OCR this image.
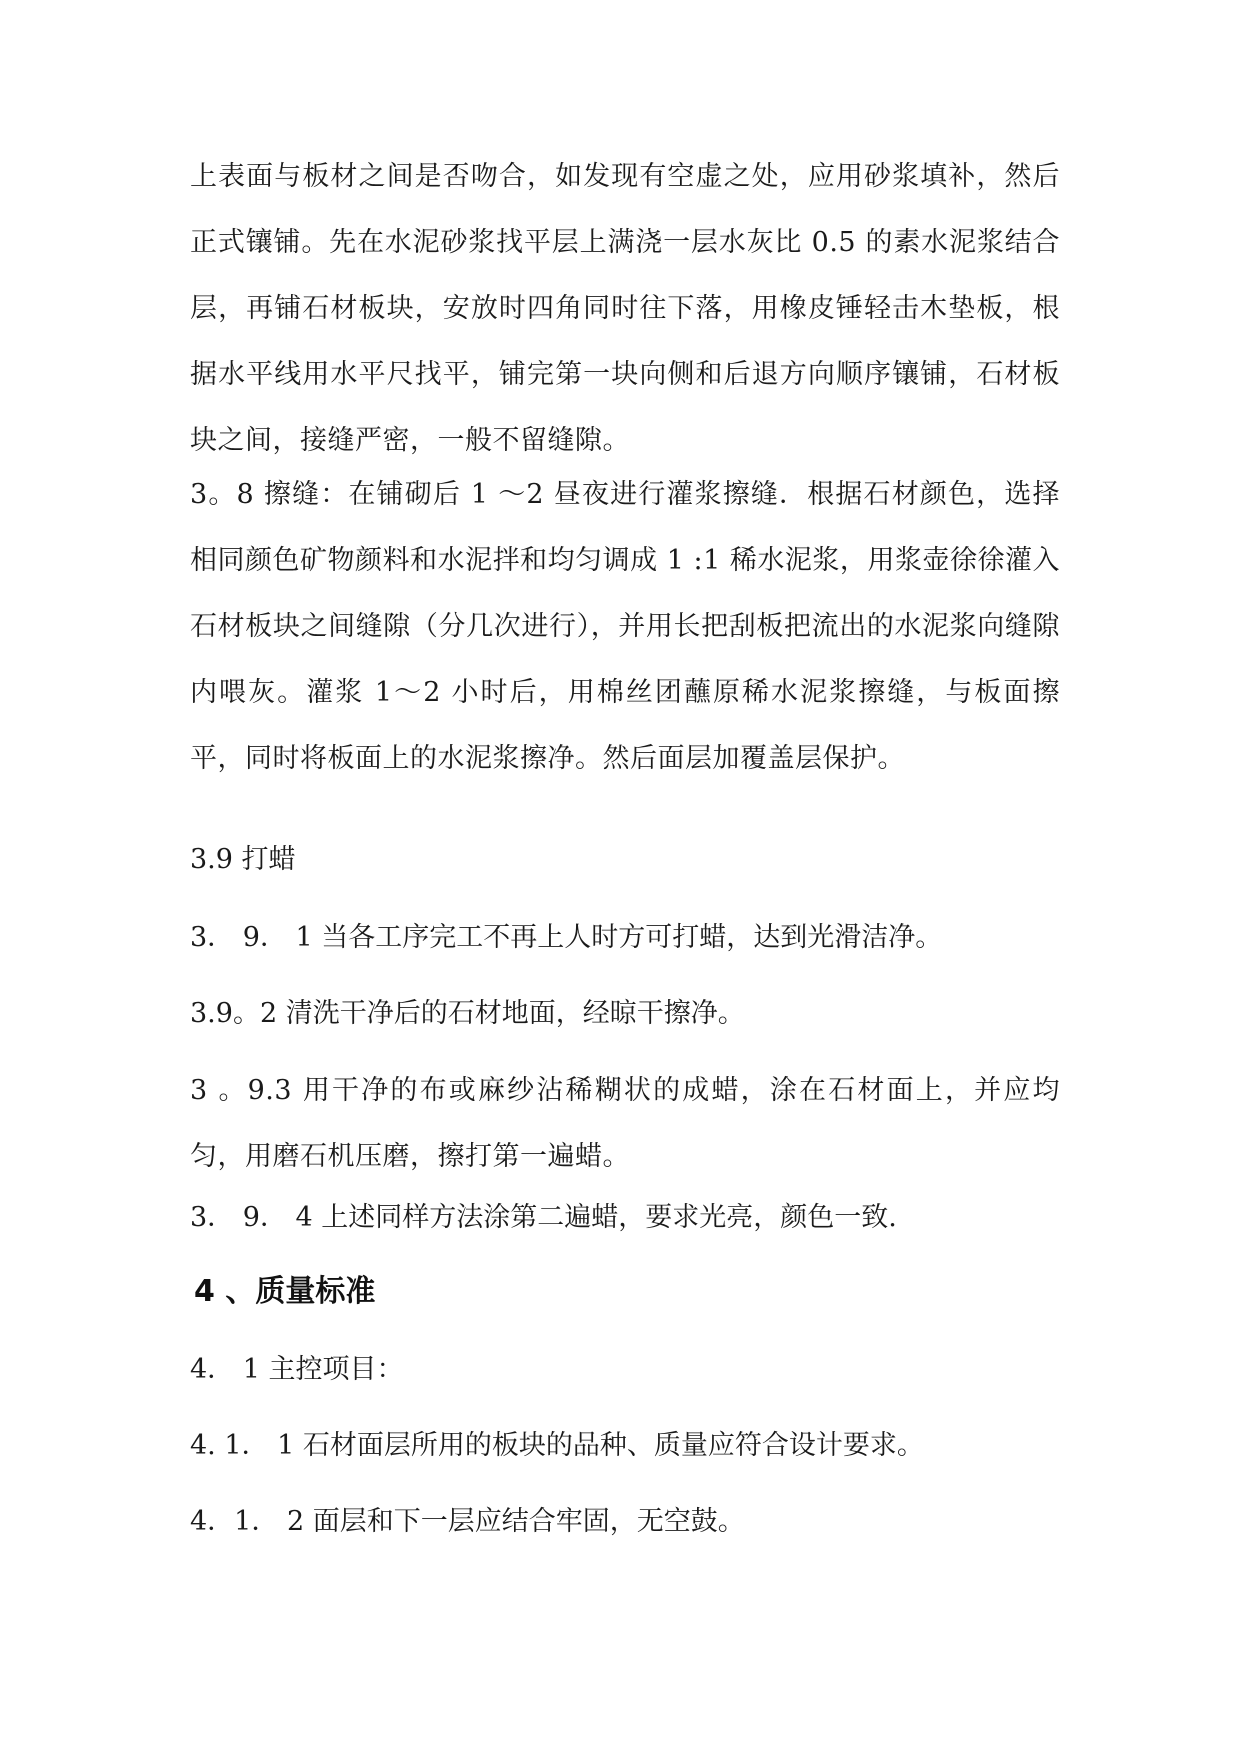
上表面与板材之间是否吻合，如发现有空虚之处，应用砂浆填补，然后正式镶铺。先在水泥砂浆找平层上满浇一层水灰比 0.5 的素水泥浆结合层，再铺石材板块，安放时四角同时往下落，用橡皮锤轻击木垫板，根据水平线用水平尺找平，铺完第一块向侧和后退方向顺序镶铺，石材板块之间，接缝严密，一般不留缝隙。

3。8 擦缝：在铺砌后 1 ～2 昼夜进行灌浆擦缝．根据石材颜色，选择相同颜色矿物颜料和水泥拌和均匀调成 1 :1 稀水泥浆，用浆壶徐徐灌入石材板块之间缝隙（分几次进行），并用长把刮板把流出的水泥浆向缝隙内喂灰。灌浆 1～2 小时后，用棉丝团蘸原稀水泥浆擦缝，与板面擦平，同时将板面上的水泥浆擦净。然后面层加覆盖层保护。

3.9 打蜡

3． 9． 1 当各工序完工不再上人时方可打蜡，达到光滑洁净。

3.9。2 清洗干净后的石材地面，经晾干擦净。

3 。9.3 用干净的布或麻纱沾稀糊状的成蜡，涂在石材面上，并应均匀，用磨石机压磨，擦打第一遍蜡。

3． 9． 4 上述同样方法涂第二遍蜡，要求光亮，颜色一致.

4 、质量标准

4． 1 主控项目：

4. 1． 1 石材面层所用的板块的品种、质量应符合设计要求。

4．1． 2 面层和下一层应结合牢固，无空鼓。
